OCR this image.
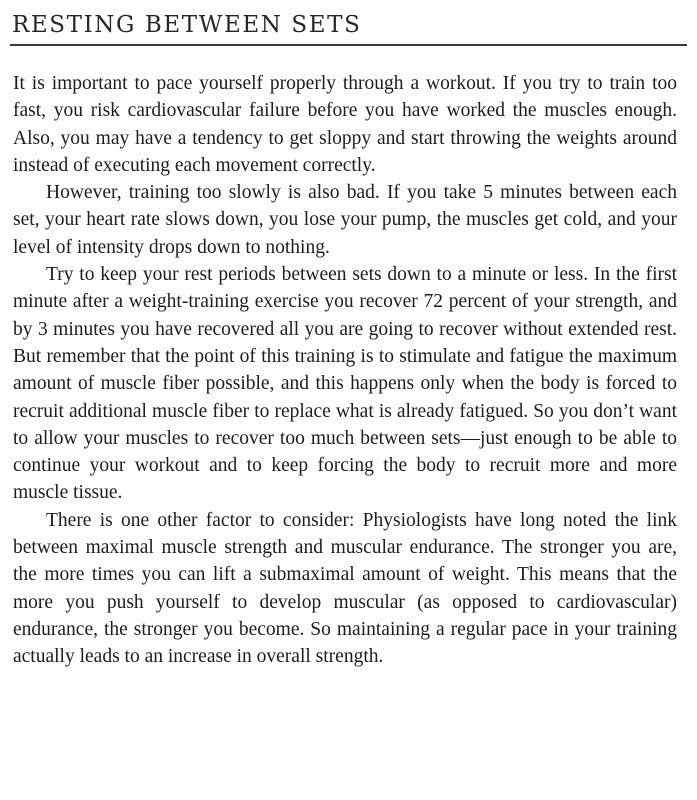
RESTING BETWEEN SETS

It is important to pace yourself properly through a workout. If you try to train too fast, you risk cardiovascular failure before you have worked the muscles enough. Also, you may have a tendency to get sloppy and start throwing the weights around instead of executing each movement correctly.

However, training too slowly is also bad. If you take 5 minutes between each set, your heart rate slows down, you lose your pump, the muscles get cold, and your level of intensity drops down to nothing.

Try to keep your rest periods between sets down to a minute or less. In the first minute after a weight-training exercise you recover 72 percent of your strength, and by 3 minutes you have recovered all you are going to recover without extended rest. But remember that the point of this training is to stimulate and fatigue the maximum amount of muscle fiber possible, and this happens only when the body is forced to recruit additional muscle fiber to replace what is already fatigued. So you don’t want to allow your muscles to recover too much between sets—just enough to be able to continue your workout and to keep forcing the body to recruit more and more muscle tissue.

There is one other factor to consider: Physiologists have long noted the link between maximal muscle strength and muscular endurance. The stronger you are, the more times you can lift a submaximal amount of weight. This means that the more you push yourself to develop muscular (as opposed to cardiovascular) endurance, the stronger you become. So maintaining a regular pace in your training actually leads to an increase in overall strength.
